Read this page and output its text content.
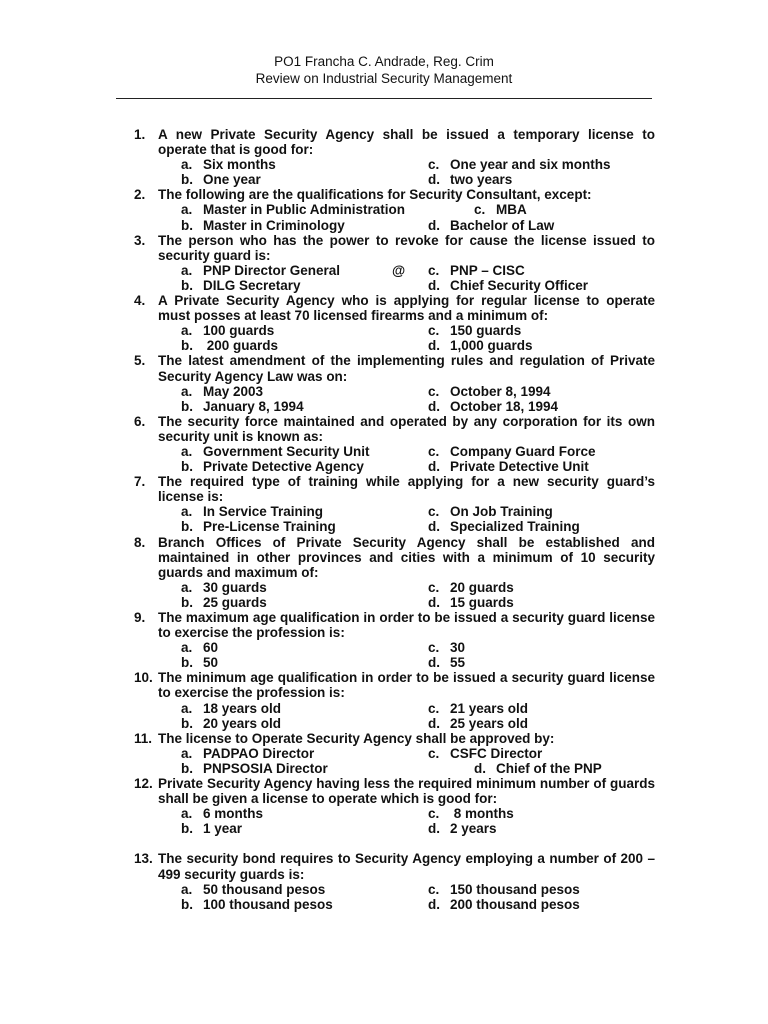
PO1 Francha C. Andrade, Reg. Crim
Review on Industrial Security Management
1. A new Private Security Agency shall be issued a temporary license to operate that is good for:
a. Six months	c. One year and six months
b. One year	d. two years
2. The following are the qualifications for Security Consultant, except:
a. Master in Public Administration	c. MBA
b. Master in Criminology	d. Bachelor of Law
3. The person who has the power to revoke for cause the license issued to security guard is:
a. PNP Director General	@ c. PNP – CISC
b. DILG Secretary	d. Chief Security Officer
4. A Private Security Agency who is applying for regular license to operate must posses at least 70 licensed firearms and a minimum of:
a. 100 guards	c. 150 guards
b. 200 guards	d. 1,000 guards
5. The latest amendment of the implementing rules and regulation of Private Security Agency Law was on:
a. May 2003	c. October 8, 1994
b. January 8, 1994	d. October 18, 1994
6. The security force maintained and operated by any corporation for its own security unit is known as:
a. Government Security Unit	c. Company Guard Force
b. Private Detective Agency	d. Private Detective Unit
7. The required type of training while applying for a new security guard’s license is:
a. In Service Training	c. On Job Training
b. Pre-License Training	d. Specialized Training
8. Branch Offices of Private Security Agency shall be established and maintained in other provinces and cities with a minimum of 10 security guards and maximum of:
a. 30 guards	c. 20 guards
b. 25 guards	d. 15 guards
9. The maximum age qualification in order to be issued a security guard license to exercise the profession is:
a. 60	c. 30
b. 50	d. 55
10. The minimum age qualification in order to be issued a security guard license to exercise the profession is:
a. 18 years old	c. 21 years old
b. 20 years old	d. 25 years old
11. The license to Operate Security Agency shall be approved by:
a. PADPAO Director	c. CSFC Director
b. PNPSOSIA Director	d. Chief of the PNP
12. Private Security Agency having less the required minimum number of guards shall be given a license to operate which is good for:
a. 6 months	c. 8 months
b. 1 year	d. 2 years
13. The security bond requires to Security Agency employing a number of 200 – 499 security guards is:
a. 50 thousand pesos	c. 150 thousand pesos
b. 100 thousand pesos	d. 200 thousand pesos
